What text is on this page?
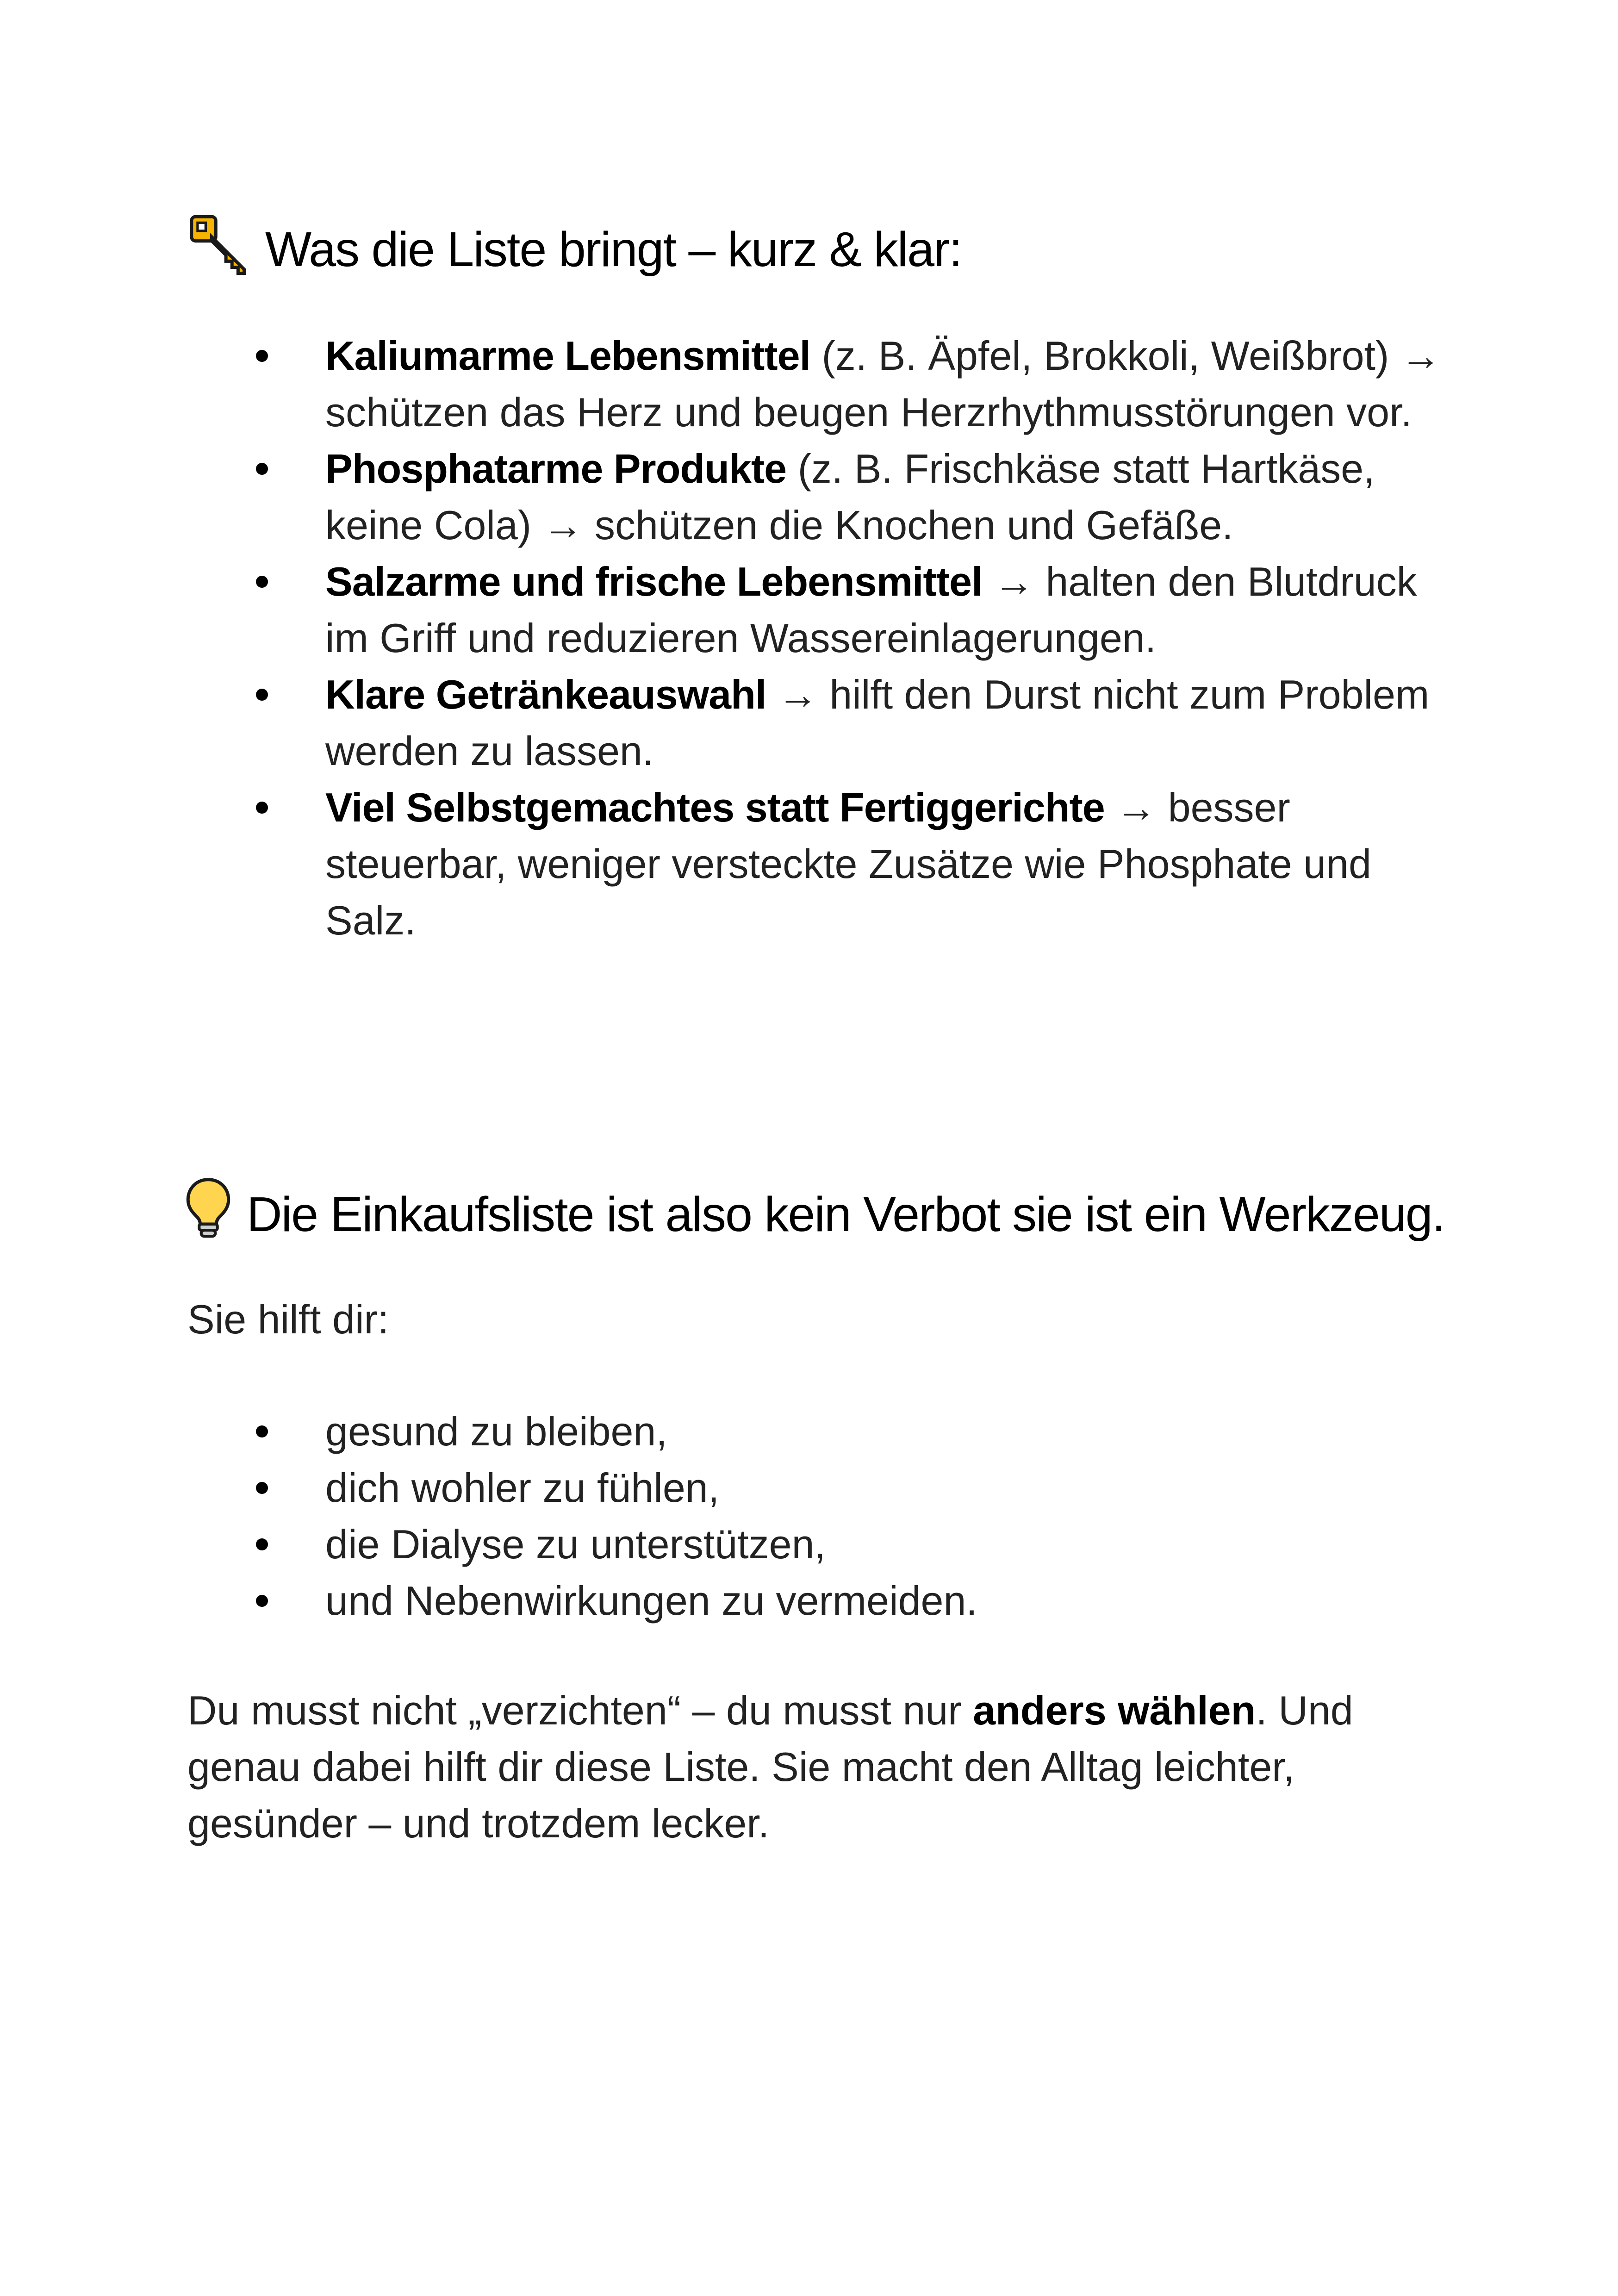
Was die Liste bringt – kurz & klar:
Kaliumarme Lebensmittel (z. B. Äpfel, Brokkoli, Weißbrot) → schützen das Herz und beugen Herzrhythmusstörungen vor.
Phosphatarme Produkte (z. B. Frischkäse statt Hartkäse, keine Cola) → schützen die Knochen und Gefäße.
Salzarme und frische Lebensmittel → halten den Blutdruck im Griff und reduzieren Wassereinlagerungen.
Klare Getränkeauswahl → hilft den Durst nicht zum Problem werden zu lassen.
Viel Selbstgemachtes statt Fertiggerichte → besser steuerbar, weniger versteckte Zusätze wie Phosphate und Salz.
Die Einkaufsliste ist also kein Verbot sie ist ein Werkzeug.

Sie hilft dir:

gesund zu bleiben,
dich wohler zu fühlen,
die Dialyse zu unterstützen,
und Nebenwirkungen zu vermeiden.

Du musst nicht „verzichten“ – du musst nur anders wählen. Und genau dabei hilft dir diese Liste. Sie macht den Alltag leichter, gesünder – und trotzdem lecker.
